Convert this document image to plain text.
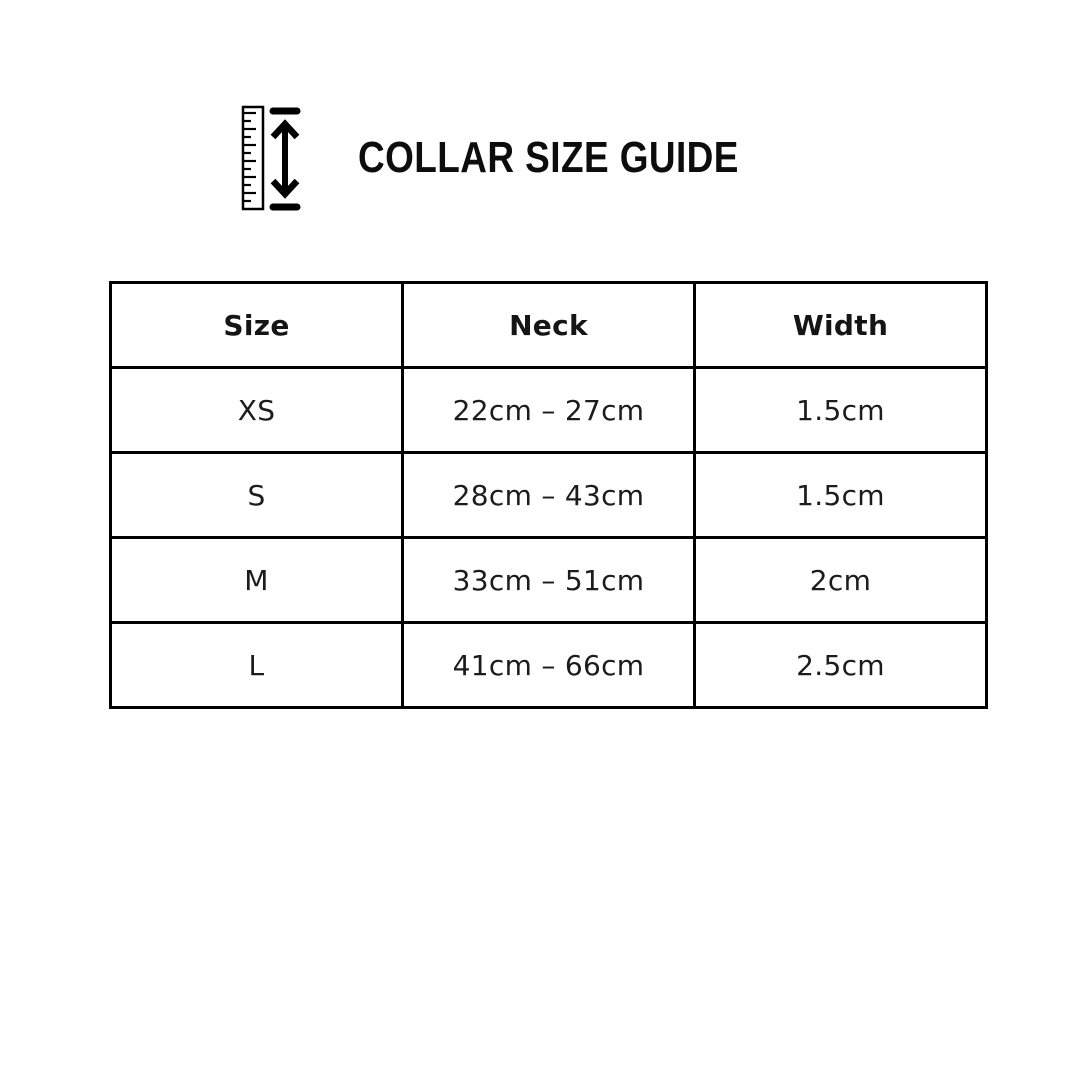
COLLAR SIZE GUIDE
Size	Neck	Width
XS	22cm – 27cm	1.5cm
S	28cm – 43cm	1.5cm
M	33cm – 51cm	2cm
L	41cm – 66cm	2.5cm
